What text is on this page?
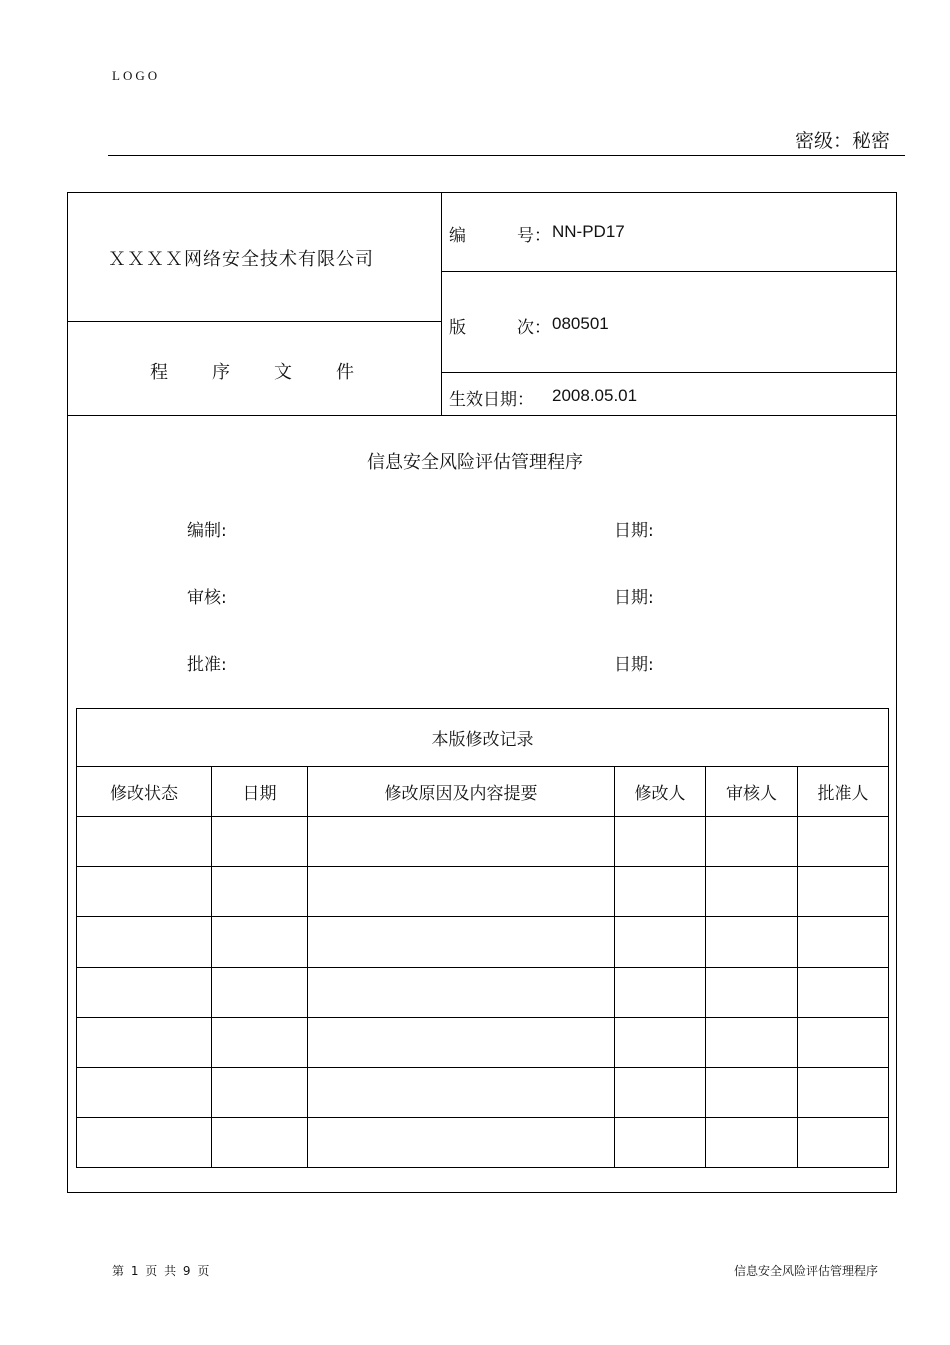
LOGO
密级：秘密
ＸＸＸＸ网络安全技术有限公司
程 序 文 件
编　　　号： NN-PD17
版　　　次： 080501
生效日期： 2008.05.01
信息安全风险评估管理程序
编制:	日期:
审核:	日期:
批准:	日期:
本版修改记录					
修改状态	日期	修改原因及内容提要	修改人	审核人	批准人

第 1 页 共 9 页	信息安全风险评估管理程序
